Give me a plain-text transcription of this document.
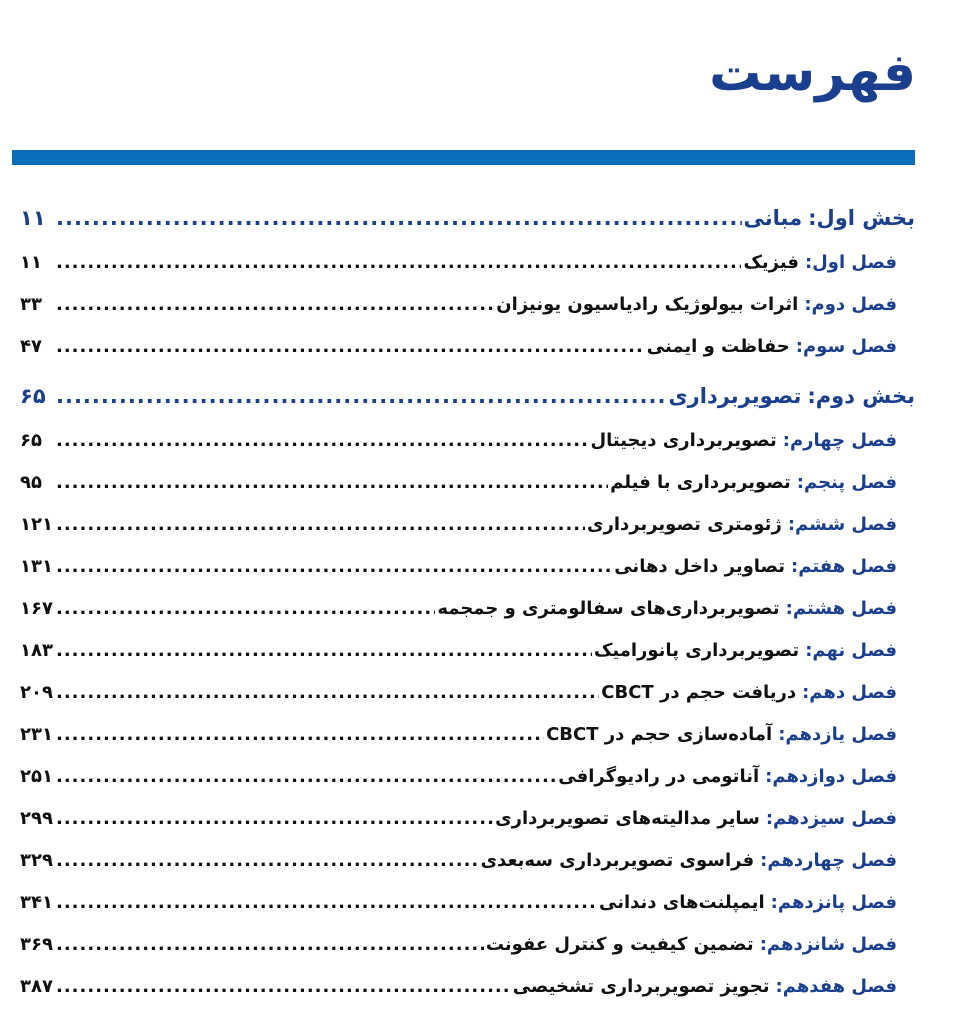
فهرست
بخش اول:
مبانی
.....
۱۱
فصل اول:
فیزیک
.....
۱۱
فصل دوم:
اثرات بیولوژیک رادیاسیون یونیزان
.....
۳۳
فصل سوم:
حفاظت و ایمنی
.....
۴۷
بخش دوم:
تصویربرداری
.....
۶۵
فصل چهارم:
تصویربرداری دیجیتال
.....
۶۵
فصل پنجم:
تصویربرداری با فیلم
.....
۹۵
فصل ششم:
ژئومتری تصویربرداری
.....
۱۲۱
فصل هفتم:
تصاویر داخل دهانی
.....
۱۳۱
فصل هشتم:
تصویربرداری‌های سفالومتری و جمجمه
.....
۱۶۷
فصل نهم:
تصویربرداری پانورامیک
.....
۱۸۳
فصل دهم:
دریافت حجم در CBCT
.....
۲۰۹
فصل یازدهم:
آماده‌سازی حجم در CBCT
.....
۲۳۱
فصل دوازدهم:
آناتومی در رادیوگرافی
.....
۲۵۱
فصل سیزدهم:
سایر مدالیته‌های تصویربرداری
.....
۲۹۹
فصل چهاردهم:
فراسوی تصویربرداری سه‌بعدی
.....
۳۲۹
فصل پانزدهم:
ایمپلنت‌های دندانی
.....
۳۴۱
فصل شانزدهم:
تضمین کیفیت و کنترل عفونت
.....
۳۶۹
فصل هفدهم:
تجویز تصویربرداری تشخیصی
.....
۳۸۷
